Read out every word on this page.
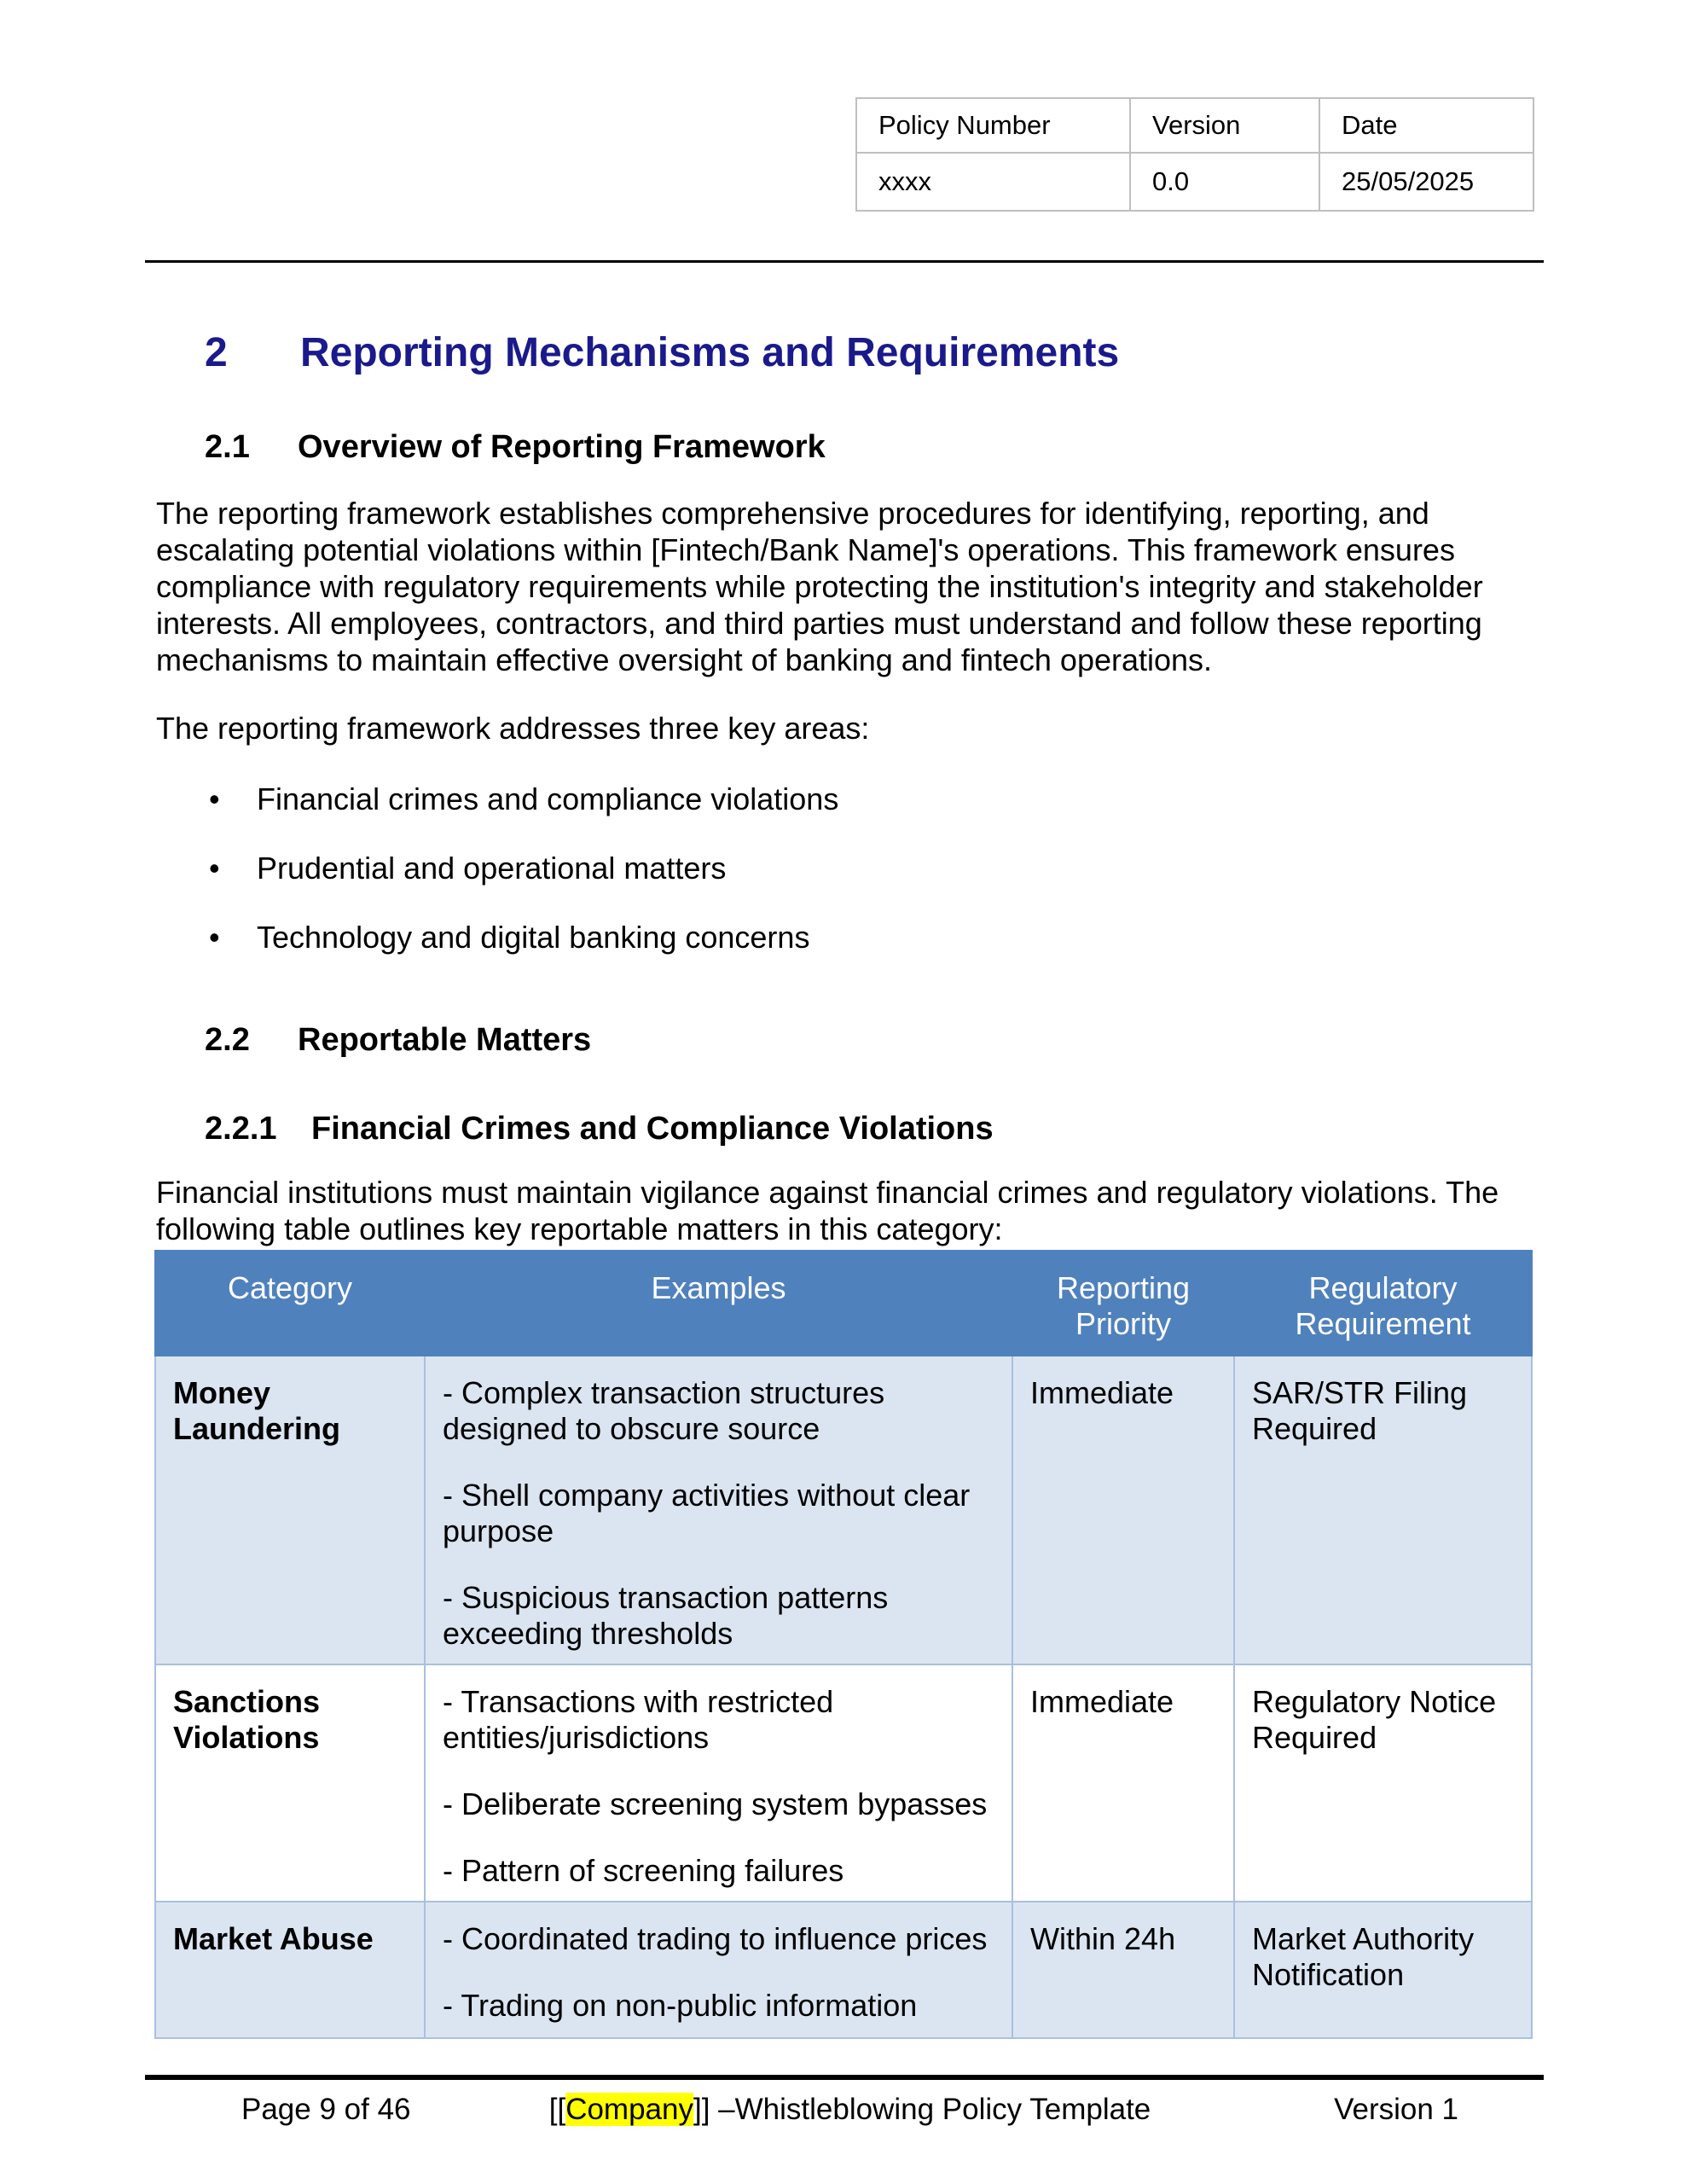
Policy Number	Version	Date
xxxx	0.0	25/05/2025
2 Reporting Mechanisms and Requirements
2.1 Overview of Reporting Framework

The reporting framework establishes comprehensive procedures for identifying, reporting, and escalating potential violations within [Fintech/Bank Name]'s operations. This framework ensures compliance with regulatory requirements while protecting the institution's integrity and stakeholder interests. All employees, contractors, and third parties must understand and follow these reporting mechanisms to maintain effective oversight of banking and fintech operations.

The reporting framework addresses three key areas:

•	Financial crimes and compliance violations
•	Prudential and operational matters
•	Technology and digital banking concerns
2.2 Reportable Matters
2.2.1 Financial Crimes and Compliance Violations

Financial institutions must maintain vigilance against financial crimes and regulatory violations. The following table outlines key reportable matters in this category:

Category	Examples	Reporting Priority	Regulatory Requirement
Money Laundering	- Complex transaction structures designed to obscure source

- Shell company activities without clear purpose

- Suspicious transaction patterns exceeding thresholds	Immediate	SAR/STR Filing Required
Sanctions Violations	- Transactions with restricted entities/jurisdictions

- Deliberate screening system bypasses

- Pattern of screening failures	Immediate	Regulatory Notice Required
Market Abuse	- Coordinated trading to influence prices

- Trading on non-public information	Within 24h	Market Authority Notification
Page 9 of 46	[[Company]] –Whistleblowing Policy Template	Version 1
